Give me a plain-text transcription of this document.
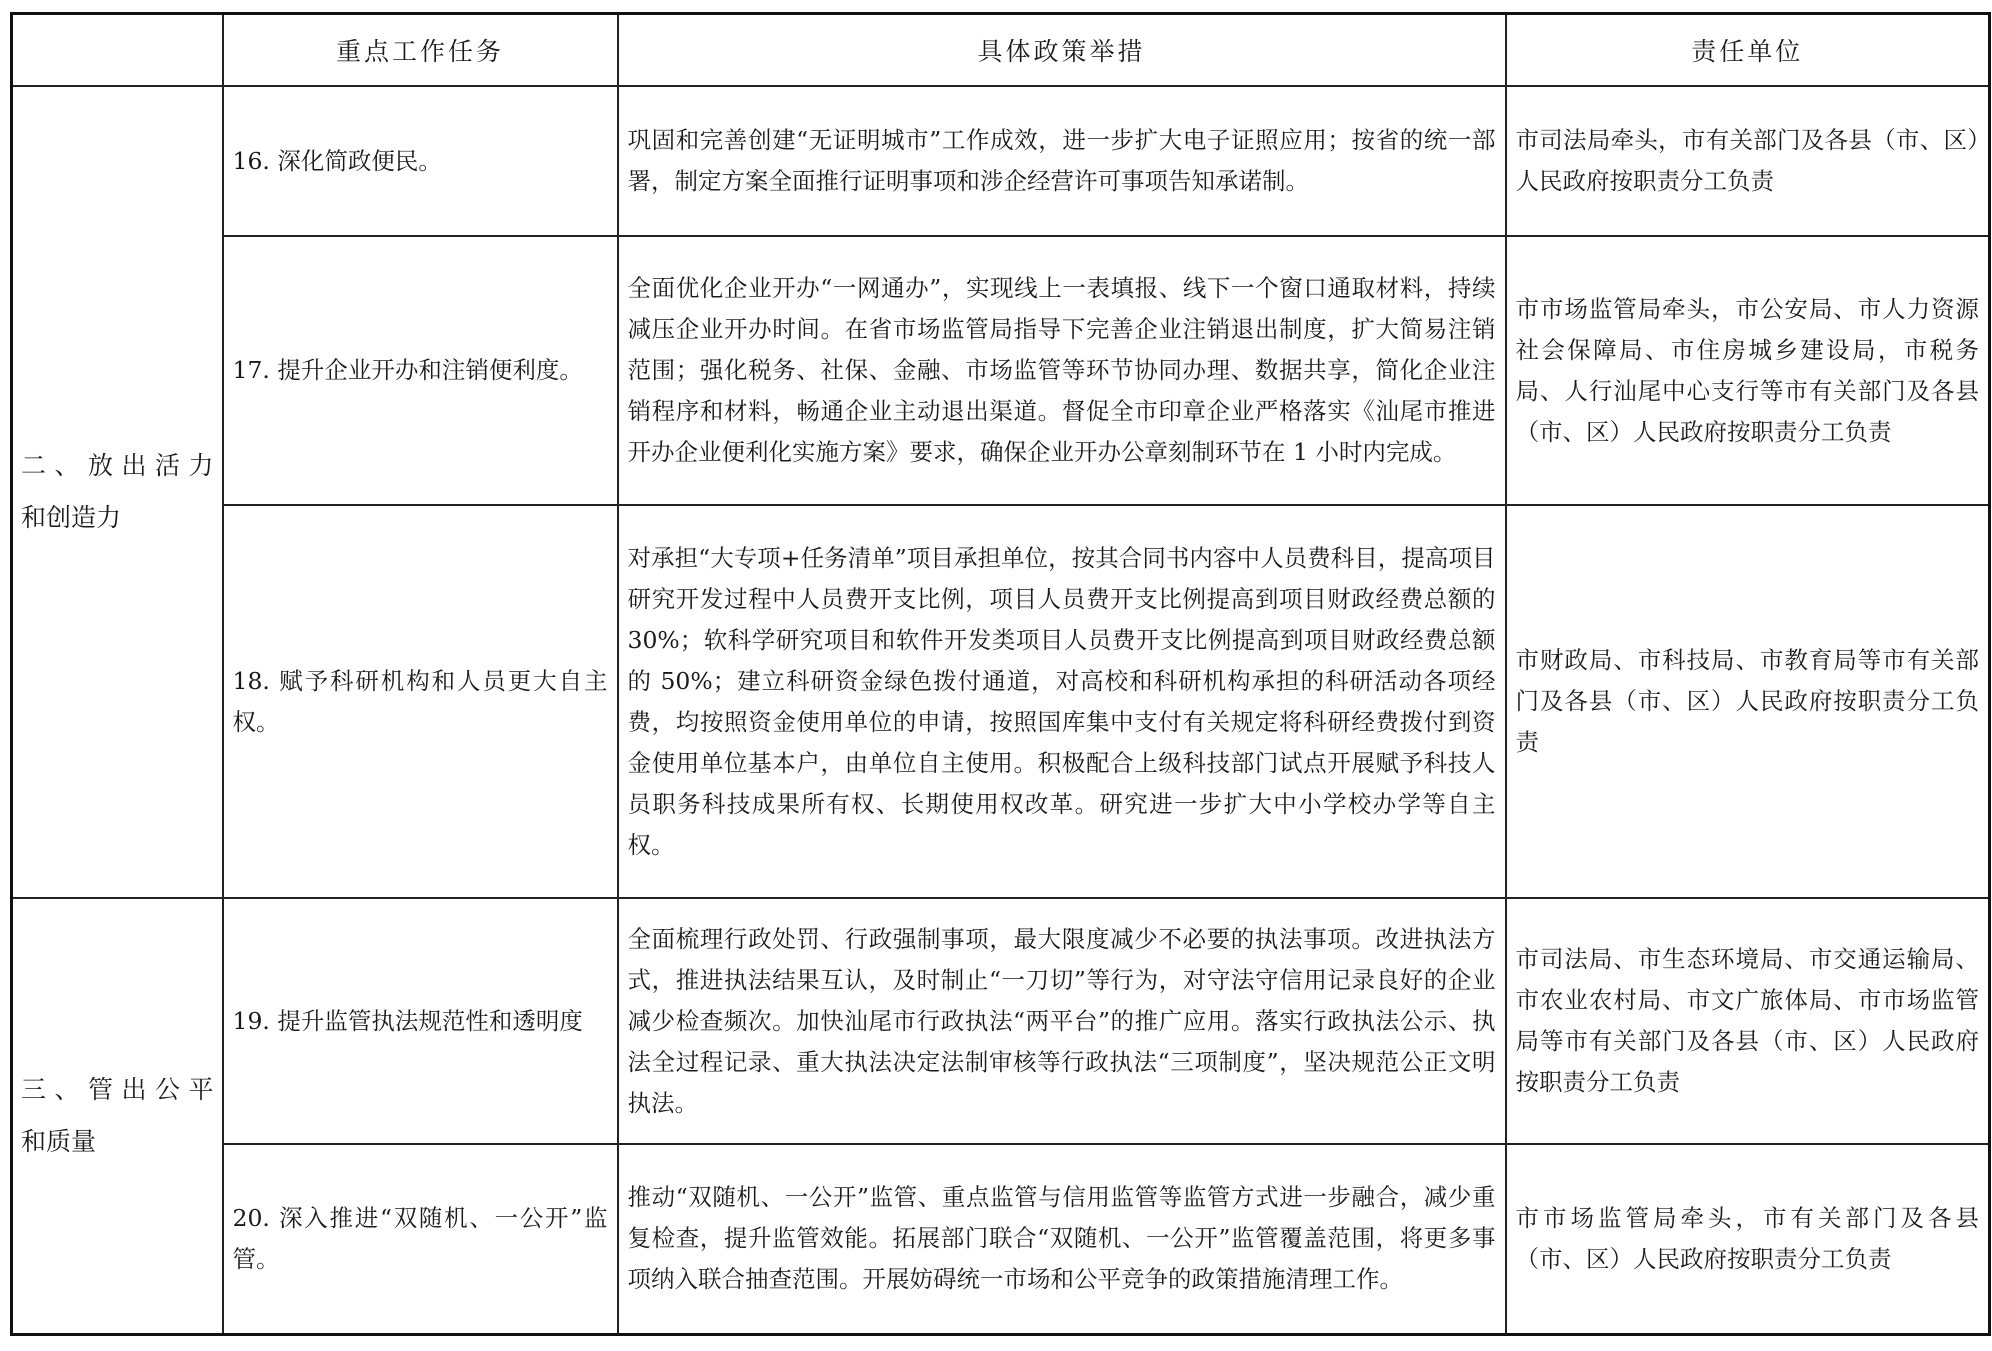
	重点工作任务	具体政策举措	责任单位

二、放出活力
和创造力	16. 深化简政便民。	巩固和完善创建“无证明城市”工作成效，进一步扩大电子证照应用；按省的统一部署，制定方案全面推行证明事项和涉企经营许可事项告知承诺制。	市司法局牵头，市有关部门及各县（市、区）人民政府按职责分工负责
	17. 提升企业开办和注销便利度。	全面优化企业开办“一网通办”，实现线上一表填报、线下一个窗口通取材料，持续减压企业开办时间。在省市场监管局指导下完善企业注销退出制度，扩大简易注销范围；强化税务、社保、金融、市场监管等环节协同办理、数据共享，简化企业注销程序和材料，畅通企业主动退出渠道。督促全市印章企业严格落实《汕尾市推进开办企业便利化实施方案》要求，确保企业开办公章刻制环节在 1 小时内完成。	市市场监管局牵头，市公安局、市人力资源社会保障局、市住房城乡建设局，市税务局、人行汕尾中心支行等市有关部门及各县（市、区）人民政府按职责分工负责
	18. 赋予科研机构和人员更大自主权。	对承担“大专项+任务清单”项目承担单位，按其合同书内容中人员费科目，提高项目研究开发过程中人员费开支比例，项目人员费开支比例提高到项目财政经费总额的 30%；软科学研究项目和软件开发类项目人员费开支比例提高到项目财政经费总额的 50%；建立科研资金绿色拨付通道，对高校和科研机构承担的科研活动各项经费，均按照资金使用单位的申请，按照国库集中支付有关规定将科研经费拨付到资金使用单位基本户，由单位自主使用。积极配合上级科技部门试点开展赋予科技人员职务科技成果所有权、长期使用权改革。研究进一步扩大中小学校办学等自主权。	市财政局、市科技局、市教育局等市有关部门及各县（市、区）人民政府按职责分工负责

三、管出公平
和质量	19. 提升监管执法规范性和透明度	全面梳理行政处罚、行政强制事项，最大限度减少不必要的执法事项。改进执法方式，推进执法结果互认，及时制止“一刀切”等行为，对守法守信用记录良好的企业减少检查频次。加快汕尾市行政执法“两平台”的推广应用。落实行政执法公示、执法全过程记录、重大执法决定法制审核等行政执法“三项制度”，坚决规范公正文明执法。	市司法局、市生态环境局、市交通运输局、市农业农村局、市文广旅体局、市市场监管局等市有关部门及各县（市、区）人民政府按职责分工负责
	20. 深入推进“双随机、一公开”监管。	推动“双随机、一公开”监管、重点监管与信用监管等监管方式进一步融合，减少重复检查，提升监管效能。拓展部门联合“双随机、一公开”监管覆盖范围，将更多事项纳入联合抽查范围。开展妨碍统一市场和公平竞争的政策措施清理工作。	市市场监管局牵头，市有关部门及各县（市、区）人民政府按职责分工负责
